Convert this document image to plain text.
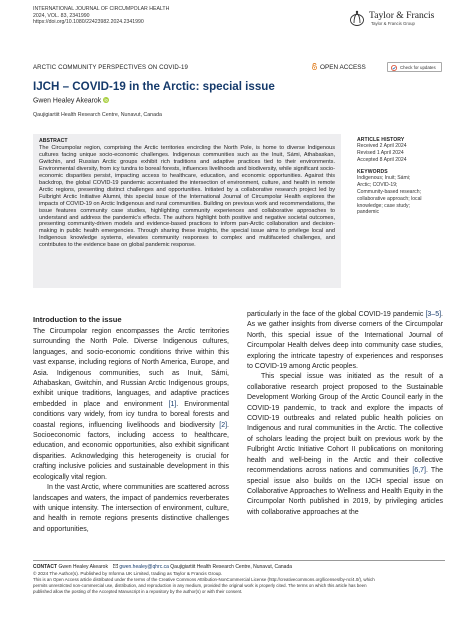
INTERNATIONAL JOURNAL OF CIRCUMPOLAR HEALTH
2024, VOL. 83, 2341990
https://doi.org/10.1080/22423982.2024.2341990
Taylor & Francis
Taylor & Francis Group
ARCTIC COMMUNITY PERSPECTIVES ON COVID-19	OPEN ACCESS	Check for updates
IJCH – COVID-19 in the Arctic: special issue
Gwen Healey Akearok
Qaujigiartiit Health Research Centre, Nunavut, Canada
ABSTRACT
The Circumpolar region, comprising the Arctic territories encircling the North Pole, is home to diverse Indigenous cultures facing unique socio-economic challenges. Indigenous communities such as the Inuit, Sámi, Athabaskan, Gwitchin, and Russian Arctic groups exhibit rich traditions and adaptive practices tied to their environments. Environmental diversity, from icy tundra to boreal forests, influences livelihoods and biodiversity, while significant socio-economic disparities persist, impacting access to healthcare, education, and economic opportunities. Against this backdrop, the global COVID-19 pandemic accentuated the intersection of environment, culture, and health in remote Arctic regions, presenting distinct challenges and opportunities. Initiated by a collaborative research project led by Fulbright Arctic Initiative Alumni, this special issue of the International Journal of Circumpolar Health explores the impacts of COVID-19 on Arctic Indigenous and rural communities. Building on previous work and recommendations, the issue features community case studies, highlighting community experiences and collaborative approaches to understand and address the pandemic's effects. The authors highlight both positive and negative societal outcomes, presenting community-driven models and evidence-based practices to inform pan-Arctic collaboration and decision-making in public health emergencies. Through sharing these insights, the special issue aims to privilege local and Indigenous knowledge systems, elevates community responses to complex and multifaceted challenges, and contributes to the evidence base on global pandemic response.
ARTICLE HISTORY
Received 2 April 2024
Revised 1 April 2024
Accepted 8 April 2024
KEYWORDS
Indigenous; Inuit; Sámi;
Arctic; COVID-19;
Community-based research;
collaborative approach; local
knowledge; case study;
pandemic
Introduction to the issue

The Circumpolar region encompasses the Arctic territories surrounding the North Pole. Diverse Indigenous cultures, languages, and socio-economic conditions thrive within this vast expanse, including regions of North America, Europe, and Asia. Indigenous communities, such as Inuit, Sámi, Athabaskan, Gwitchin, and Russian Arctic Indigenous groups, exhibit unique traditions, languages, and adaptive practices embedded in place and environment [1]. Environmental conditions vary widely, from icy tundra to boreal forests and coastal regions, influencing livelihoods and biodiversity [2]. Socioeconomic factors, including access to healthcare, education, and economic opportunities, also exhibit significant disparities. Acknowledging this heterogeneity is crucial for crafting inclusive policies and sustainable development in this ecologically vital region.

In the vast Arctic, where communities are scattered across landscapes and waters, the impact of pandemics reverberates with unique intensity. The intersection of environment, culture, and health in remote regions presents distinctive challenges and opportunities,

particularly in the face of the global COVID-19 pandemic [3–5]. As we gather insights from diverse corners of the Circumpolar North, this special issue of the International Journal of Circumpolar Health delves deep into community case studies, exploring the intricate tapestry of experiences and responses to COVID-19 among Arctic peoples.

This special issue was initiated as the result of a collaborative research project proposed to the Sustainable Development Working Group of the Arctic Council early in the COVID-19 pandemic, to track and explore the impacts of COVID-19 outbreaks and related public health policies on Indigenous and rural communities in the Arctic. The collective of scholars leading the project built on previous work by the Fulbright Arctic Initiative Cohort II publications on monitoring health and well-being in the Arctic and their collective recommendations across nations and communities [6,7]. The special issue also builds on the IJCH special issue on Collaborative Approaches to Wellness and Health Equity in the Circumpolar North published in 2019, by privileging articles with collaborative approaches at the

CONTACT Gwen Healey Akearok gwen.healey@qhrc.ca Qaujigiartiit Health Research Centre, Nunavut, Canada
© 2024 The Author(s). Published by Informa UK Limited, trading as Taylor & Francis Group.
This is an Open Access article distributed under the terms of the Creative Commons Attribution-NonCommercial License (http://creativecommons.org/licenses/by-nc/4.0/), which
permits unrestricted non-commercial use, distribution, and reproduction in any medium, provided the original work is properly cited. The terms on which this article has been
published allow the posting of the Accepted Manuscript in a repository by the author(s) or with their consent.
